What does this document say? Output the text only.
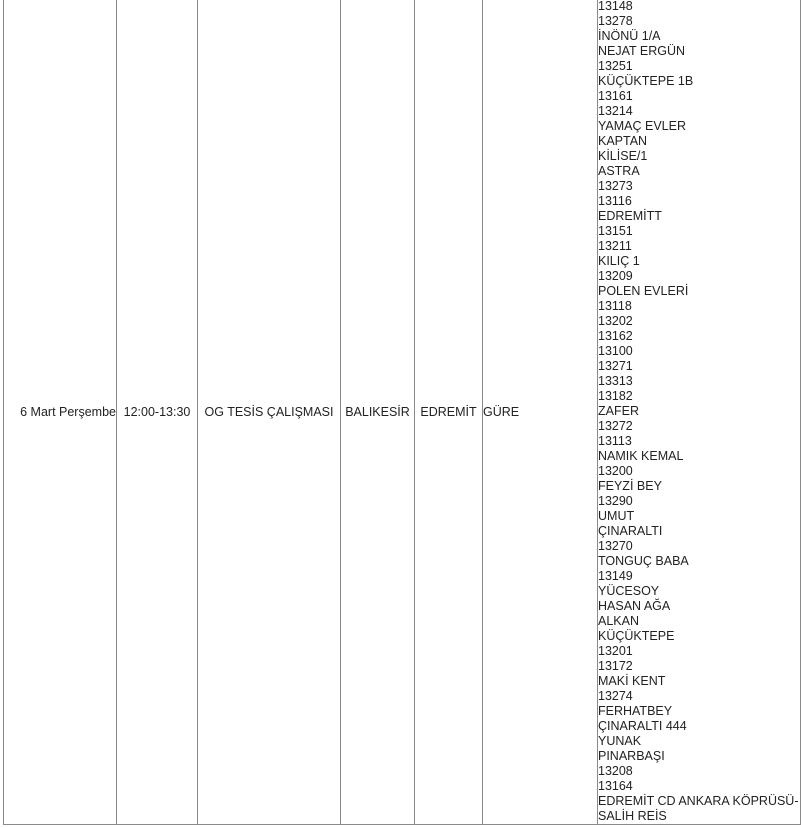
6 Mart Perşembe	12:00-13:30	OG TESİS ÇALIŞMASI	BALIKESİR	EDREMİT	GÜRE	
13148
13278
İNÖNÜ 1/A
NEJAT ERGÜN
13251
KÜÇÜKTEPE 1B
13161
13214
YAMAÇ EVLER
KAPTAN
KİLİSE/1
ASTRA
13273
13116
EDREMİTT
13151
13211
KILIÇ 1
13209
POLEN EVLERİ
13118
13202
13162
13100
13271
13313
13182
ZAFER
13272
13113
NAMIK KEMAL
13200
FEYZİ BEY
13290
UMUT
ÇINARALTI
13270
TONGUÇ BABA
13149
YÜCESOY
HASAN AĞA
ALKAN
KÜÇÜKTEPE
13201
13172
MAKİ KENT
13274
FERHATBEY
ÇINARALTI 444
YUNAK
PINARBAŞI
13208
13164
EDREMİT CD ANKARA KÖPRÜSÜ-
SALİH REİS
